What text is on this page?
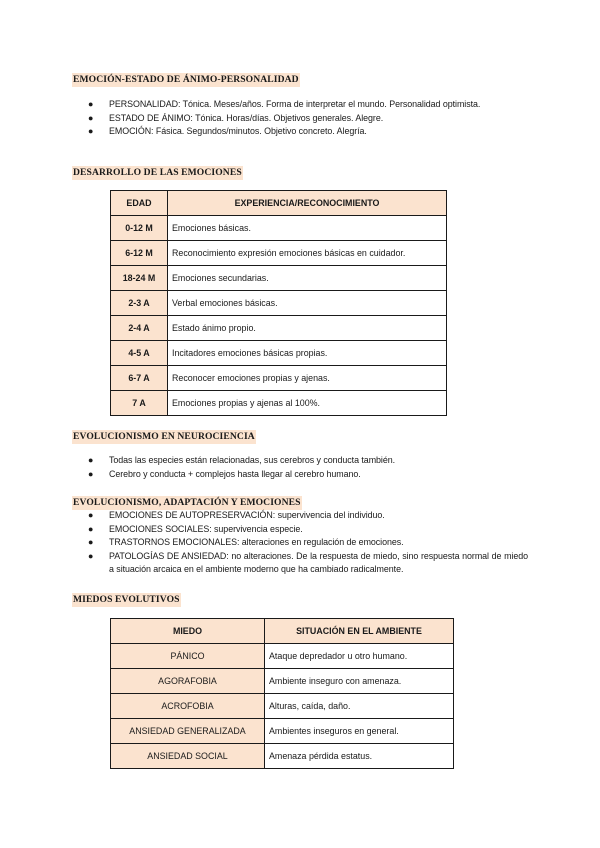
EMOCIÓN-ESTADO DE ÁNIMO-PERSONALIDAD
● PERSONALIDAD: Tónica. Meses/años. Forma de interpretar el mundo. Personalidad optimista.
● ESTADO DE ÁNIMO: Tónica. Horas/días. Objetivos generales. Alegre.
● EMOCIÓN: Fásica. Segundos/minutos. Objetivo concreto. Alegría.
DESARROLLO DE LAS EMOCIONES
EDAD	EXPERIENCIA/RECONOCIMIENTO
0-12 M	Emociones básicas.
6-12 M	Reconocimiento expresión emociones básicas en cuidador.
18-24 M	Emociones secundarias.
2-3 A	Verbal emociones básicas.
2-4 A	Estado ánimo propio.
4-5 A	Incitadores emociones básicas propias.
6-7 A	Reconocer emociones propias y ajenas.
7 A	Emociones propias y ajenas al 100%.
EVOLUCIONISMO EN NEUROCIENCIA
● Todas las especies están relacionadas, sus cerebros y conducta también.
● Cerebro y conducta + complejos hasta llegar al cerebro humano.
EVOLUCIONISMO, ADAPTACIÓN Y EMOCIONES
● EMOCIONES DE AUTOPRESERVACIÓN: supervivencia del individuo.
● EMOCIONES SOCIALES: supervivencia especie.
● TRASTORNOS EMOCIONALES: alteraciones en regulación de emociones.
● PATOLOGÍAS DE ANSIEDAD: no alteraciones. De la respuesta de miedo, sino respuesta normal de miedo a situación arcaica en el ambiente moderno que ha cambiado radicalmente.
MIEDOS EVOLUTIVOS
MIEDO	SITUACIÓN EN EL AMBIENTE
PÁNICO	Ataque depredador u otro humano.
AGORAFOBIA	Ambiente inseguro con amenaza.
ACROFOBIA	Alturas, caída, daño.
ANSIEDAD GENERALIZADA	Ambientes inseguros en general.
ANSIEDAD SOCIAL	Amenaza pérdida estatus.
